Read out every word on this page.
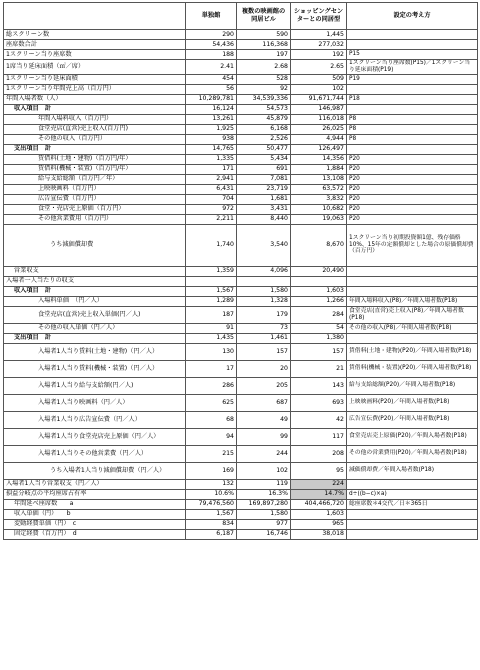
	単独館	複数の映画館の同居ビル	ショッピングセンターとの同居型	設定の考え方
総スクリーン数	290	590	1,445	
座席数合計	54,436	116,368	277,032	
1スクリーン当り座席数	188	197	192	P15
1席当り延床面積（㎡／席）	2.41	2.68	2.65	1スクリーン当り座席数(P15)／1スクリーン当り延床面積(P19)
1スクリーン当り延床面積	454	528	509	P19
1スクリーン当り年間売上高（百万円）	56	92	102	
年間入場者数（人）	10,289,781	34,539,336	91,671,744	P18
収入項目　計	16,124	54,573	146,987	
年間入場料収入（百万円）	13,261	45,879	116,018	P8
食堂売店(直営)売上収入(百万円)	1,925	6,168	26,025	P8
その他の収入（百万円）	938	2,526	4,944	P8
支出項目　計	14,765	50,477	126,497	
賃借料(土地・建物)（百万円/年）	1,335	5,434	14,356	P20
賃借料(機械・装置)（百万円/年）	171	691	1,884	P20
給与支給総額（百万円／年）	2,941	7,081	13,108	P20
上映映画料（百万円）	6,431	23,719	63,572	P20
広告宣伝費（百万円）	704	1,681	3,832	P20
食堂・売店売上原価（百万円）	972	3,431	10,682	P20
その他営業費用（百万円）	2,211	8,440	19,063	P20
うち減価償却費	1,740	3,540	8,670	1スクリーン当り初期投資額1億、残存価格10%、15年の定額償却とした場合の原価償却費（百万円）
営業収支	1,359	4,096	20,490	
入場者一人当たりの収支				
収入項目　計	1,567	1,580	1,603	
入場料単価　（円／人）	1,289	1,328	1,266	年間入場料収入(P8)／年間入場者数(P18)
食堂売店(直営)売上収入単価(円／人)	187	179	284	食堂売店(直営)売上収入(P8)／年間入場者数(P18)
その他の収入単価（円／人）	91	73	54	その他の収入(P8)／年間入場者数(P18)
支出項目　計	1,435	1,461	1,380	
入場者1人当り賃料(土地・建物)（円／人）	130	157	157	賃借料(土地・建物)(P20)／年間入場者数(P18)
入場者1人当り賃料(機械・装置)（円／人）	17	20	21	賃借料(機械・装置)(P20)／年間入場者数(P18)
入場者1人当り給与支給額(円／人)	286	205	143	給与支給総額(P20)／年間入場者数(P18)
入場者1人当り映画料（円／人）	625	687	693	上映映画料(P20)／年間入場者数(P18)
入場者1人当り広告宣伝費（円／人）	68	49	42	広告宣伝費(P20)／年間入場者数(P18)
入場者1人当り食堂売店売上原価（円／人）	94	99	117	食堂売店売上原価(P20)／年間入場者数(P18)
入場者1人当りその他営業費（円／人）	215	244	208	その他の営業費用(P20)／年間入場者数(P18)
うち入場者1人当り減価償却費（円／人）	169	102	95	減価償却費／年間入場者数(P18)
入場者1人当り営業収支（円／人）	132	119	224	
損益分岐点の平均座席占有率	10.6%	16.3%	14.7%	d÷((b−c)×a)
年間延べ座席数　　a	79,476,560	169,897,280	404,466,720	総座席数＊4交代／日＊365日
収入単価（円）　　b	1,567	1,580	1,603	
変動経費単価（円）　c	834	977	965	
固定経費（百万円）　d	6,187	16,746	38,018	
